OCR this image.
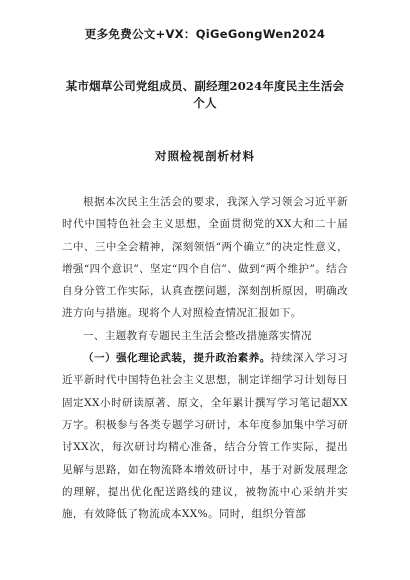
更多免费公文+VX：QiGeGongWen2024
某市烟草公司党组成员、副经理2024年度民主生活会个人
对照检视剖析材料

根据本次民主生活会的要求，我深入学习领会习近平新时代中国特色社会主义思想，全面贯彻党的XX大和二十届二中、三中全会精神，深刻领悟“两个确立”的决定性意义，增强“四个意识”、坚定“四个自信”、做到“两个维护”。结合自身分管工作实际，认真查摆问题，深刻剖析原因，明确改进方向与措施。现将个人对照检查情况汇报如下。

一、主题教育专题民主生活会整改措施落实情况

（一）强化理论武装，提升政治素养。持续深入学习习近平新时代中国特色社会主义思想，制定详细学习计划每日固定XX小时研读原著、原文，全年累计撰写学习笔记超XX万字。积极参与各类专题学习研讨，本年度参加集中学习研讨XX次，每次研讨均精心准备，结合分管工作实际，提出见解与思路，如在物流降本增效研讨中，基于对新发展理念的理解，提出优化配送路线的建议，被物流中心采纳并实施，有效降低了物流成本XX%。同时，组织分管部
